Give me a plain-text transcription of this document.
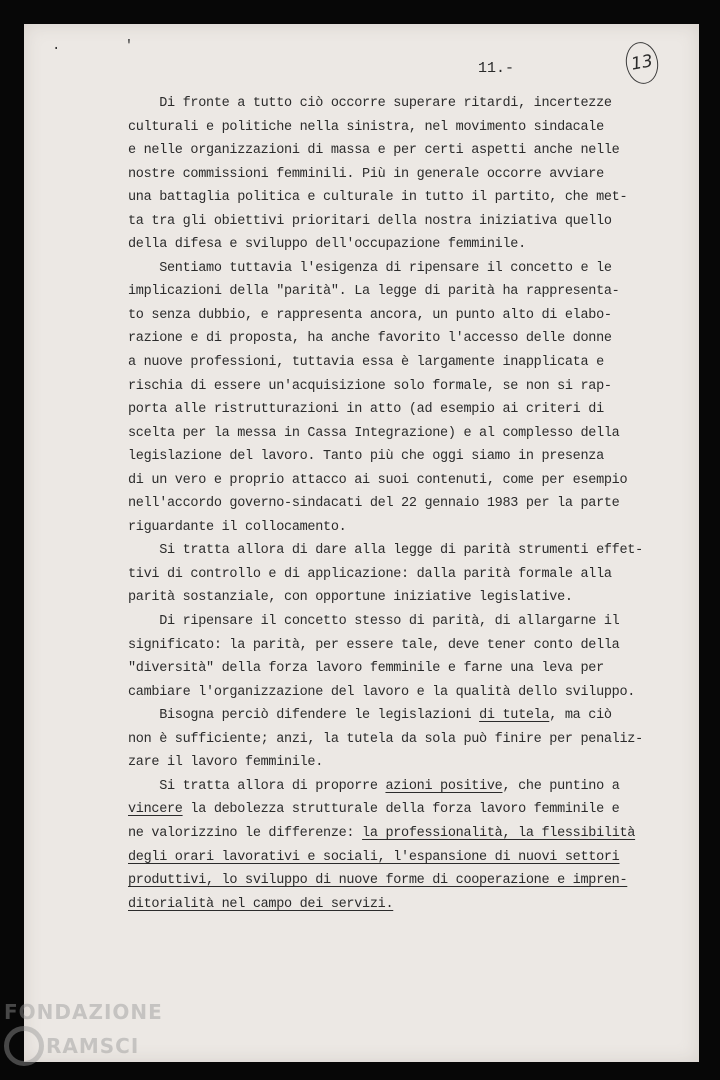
. '
11.-	13
Di fronte a tutto ciò occorre superare ritardi, incertezze
culturali e politiche nella sinistra, nel movimento sindacale
e nelle organizzazioni di massa e per certi aspetti anche nelle
nostre commissioni femminili. Più in generale occorre avviare
una battaglia politica e culturale in tutto il partito, che met-
ta tra gli obiettivi prioritari della nostra iniziativa quello
della difesa e sviluppo dell'occupazione femminile.
Sentiamo tuttavia l'esigenza di ripensare il concetto e le
implicazioni della "parità". La legge di parità ha rappresenta-
to senza dubbio, e rappresenta ancora, un punto alto di elabo-
razione e di proposta, ha anche favorito l'accesso delle donne
a nuove professioni, tuttavia essa è largamente inapplicata e
rischia di essere un'acquisizione solo formale, se non si rap-
porta alle ristrutturazioni in atto (ad esempio ai criteri di
scelta per la messa in Cassa Integrazione) e al complesso della
legislazione del lavoro. Tanto più che oggi siamo in presenza
di un vero e proprio attacco ai suoi contenuti, come per esempio
nell'accordo governo-sindacati del 22 gennaio 1983 per la parte
riguardante il collocamento.
Si tratta allora di dare alla legge di parità strumenti effet-
tivi di controllo e di applicazione: dalla parità formale alla
parità sostanziale, con opportune iniziative legislative.
Di ripensare il concetto stesso di parità, di allargarne il
significato: la parità, per essere tale, deve tener conto della
"diversità" della forza lavoro femminile e farne una leva per
cambiare l'organizzazione del lavoro e la qualità dello sviluppo.
Bisogna perciò difendere le legislazioni di tutela, ma ciò
non è sufficiente; anzi, la tutela da sola può finire per penaliz-
zare il lavoro femminile.
Si tratta allora di proporre azioni positive, che puntino a
vincere la debolezza strutturale della forza lavoro femminile e
ne valorizzino le differenze: la professionalità, la flessibilità
degli orari lavorativi e sociali, l'espansione di nuovi settori
produttivi, lo sviluppo di nuove forme di cooperazione e impren-
ditorialità nel campo dei servizi.
FONDAZIONE
RAMSCI
